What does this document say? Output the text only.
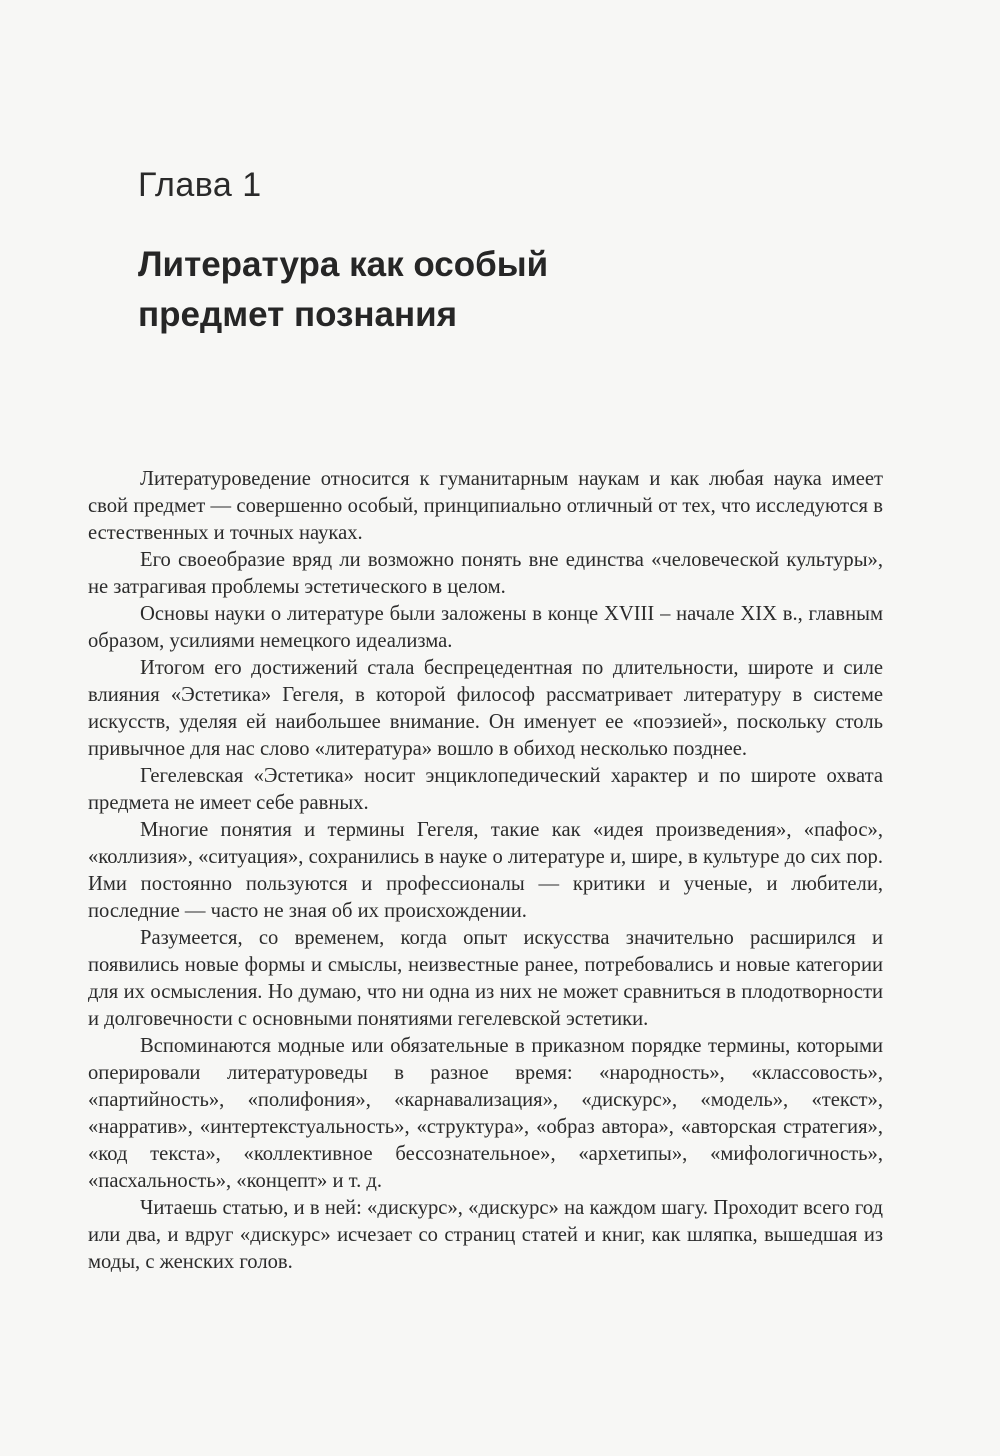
Глава 1
Литература как особый
предмет познания

Литературоведение относится к гуманитарным наукам и как любая наука имеет свой предмет — совершенно особый, принципиально отличный от тех, что исследуются в естественных и точных науках.

Его своеобразие вряд ли возможно понять вне единства «человеческой культуры», не затрагивая проблемы эстетического в целом.

Основы науки о литературе были заложены в конце XVIII – начале XIX в., главным образом, усилиями немецкого идеализма.

Итогом его достижений стала беспрецедентная по длительности, широте и силе влияния «Эстетика» Гегеля, в которой философ рассматривает литературу в системе искусств, уделяя ей наибольшее внимание. Он именует ее «поэзией», поскольку столь привычное для нас слово «литература» вошло в обиход несколько позднее.

Гегелевская «Эстетика» носит энциклопедический характер и по широте охвата предмета не имеет себе равных.

Многие понятия и термины Гегеля, такие как «идея произведения», «пафос», «коллизия», «ситуация», сохранились в науке о литературе и, шире, в культуре до сих пор. Ими постоянно пользуются и профессионалы — критики и ученые, и любители, последние — часто не зная об их происхождении.

Разумеется, со временем, когда опыт искусства значительно расширился и появились новые формы и смыслы, неизвестные ранее, потребовались и новые категории для их осмысления. Но думаю, что ни одна из них не может сравниться в плодотворности и долговечности с основными понятиями гегелевской эстетики.

Вспоминаются модные или обязательные в приказном порядке термины, которыми оперировали литературоведы в разное время: «народность», «классовость», «партийность», «полифония», «карнавализация», «дискурс», «модель», «текст», «нарратив», «интертекстуальность», «структура», «образ автора», «авторская стратегия», «код текста», «коллективное бессознательное», «архетипы», «мифологичность», «пасхальность», «концепт» и т. д.

Читаешь статью, и в ней: «дискурс», «дискурс» на каждом шагу. Проходит всего год или два, и вдруг «дискурс» исчезает со страниц статей и книг, как шляпка, вышедшая из моды, с женских голов.
